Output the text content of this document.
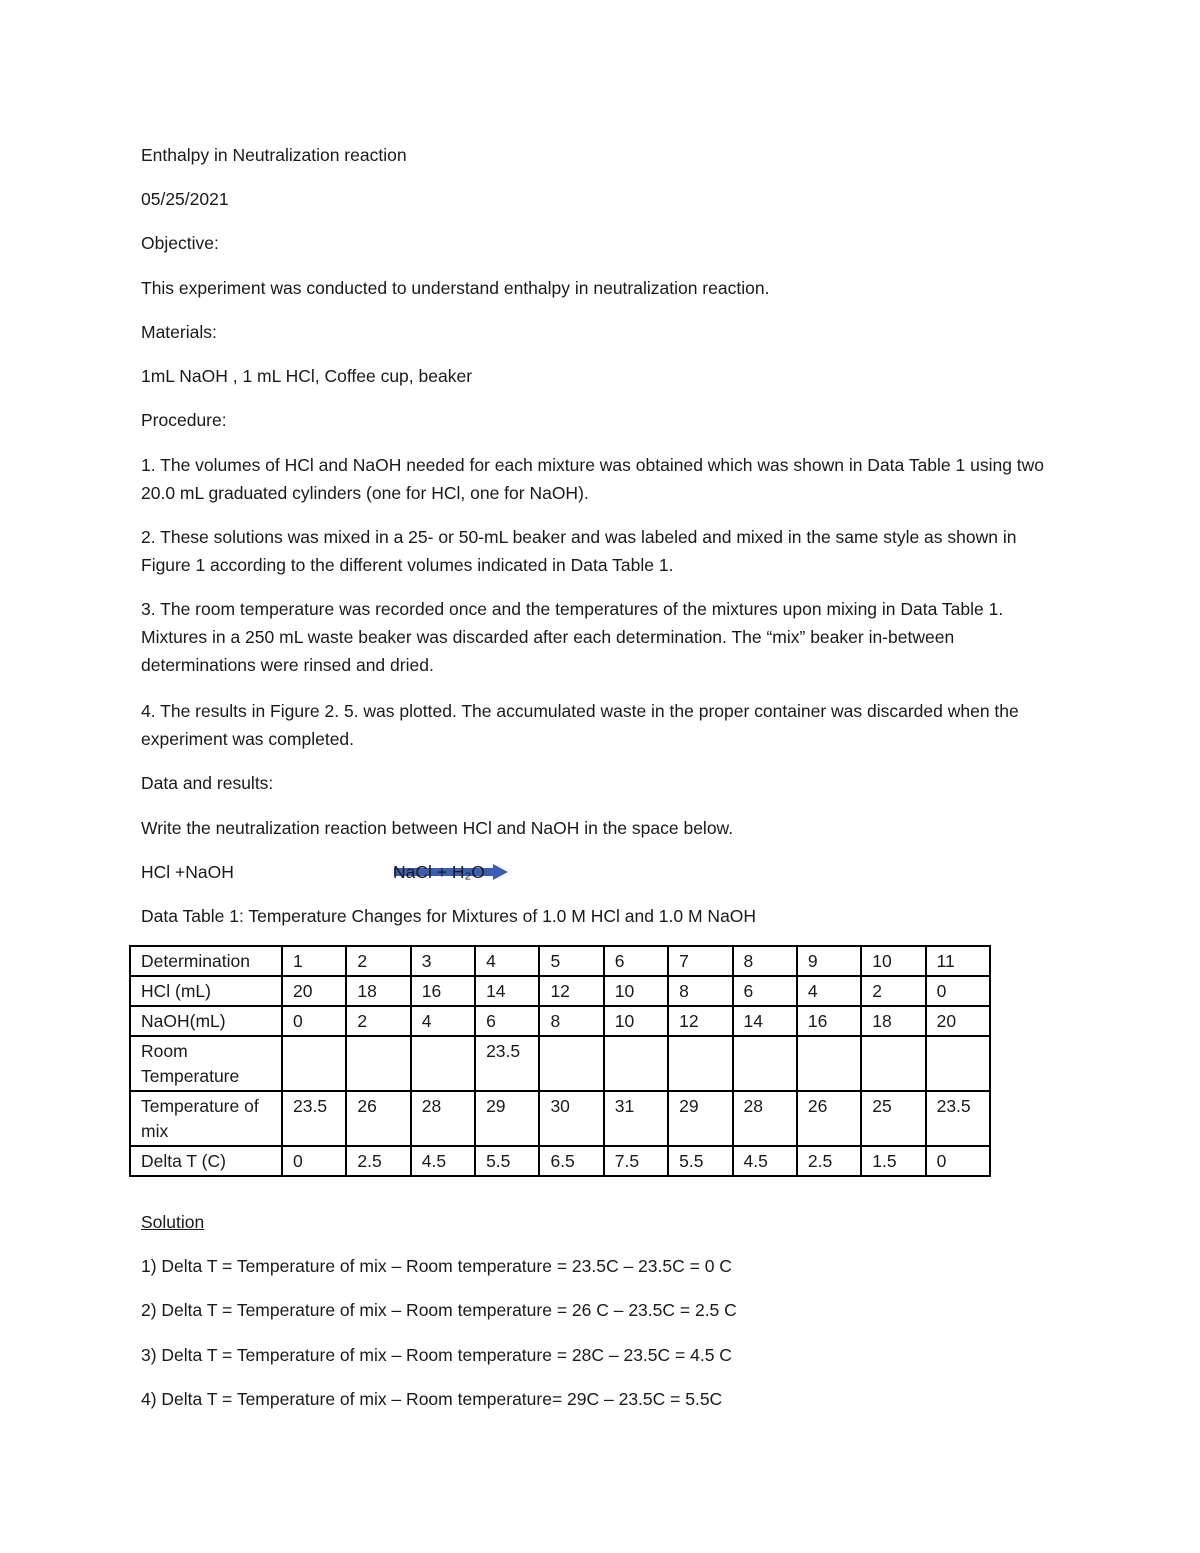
Enthalpy in Neutralization reaction
05/25/2021
Objective:
This experiment was conducted to understand enthalpy in neutralization reaction.
Materials:
1mL NaOH , 1 mL HCl, Coffee cup, beaker
Procedure:
1. The volumes of HCl and NaOH needed for each mixture was obtained which was shown in Data Table 1 using two 20.0 mL graduated cylinders (one for HCl, one for NaOH).
2. These solutions was mixed in a 25- or 50-mL beaker and was labeled and mixed in the same style as shown in Figure 1 according to the different volumes indicated in Data Table 1.
3. The room temperature was recorded once and the temperatures of the mixtures upon mixing in Data Table 1. Mixtures in a 250 mL waste beaker was discarded after each determination. The “mix” beaker in-between determinations were rinsed and dried.
4. The results in Figure 2. 5. was plotted. The accumulated waste in the proper container was discarded when the experiment was completed.
Data and results:
Write the neutralization reaction between HCl and NaOH in the space below.
HCl +NaOH	NaCl + H₂O
Data Table 1: Temperature Changes for Mixtures of 1.0 M HCl and 1.0 M NaOH
Determination	1	2	3	4	5	6	7	8	9	10	11
HCl (mL)	20	18	16	14	12	10	8	6	4	2	0
NaOH(mL)	0	2	4	6	8	10	12	14	16	18	20
Room Temperature				23.5							
Temperature of mix	23.5	26	28	29	30	31	29	28	26	25	23.5
Delta T (C)	0	2.5	4.5	5.5	6.5	7.5	5.5	4.5	2.5	1.5	0
Solution
1) Delta T = Temperature of mix – Room temperature = 23.5C – 23.5C = 0 C
2) Delta T = Temperature of mix – Room temperature = 26 C – 23.5C = 2.5 C
3) Delta T = Temperature of mix – Room temperature = 28C – 23.5C = 4.5 C
4) Delta T = Temperature of mix – Room temperature= 29C – 23.5C = 5.5C
